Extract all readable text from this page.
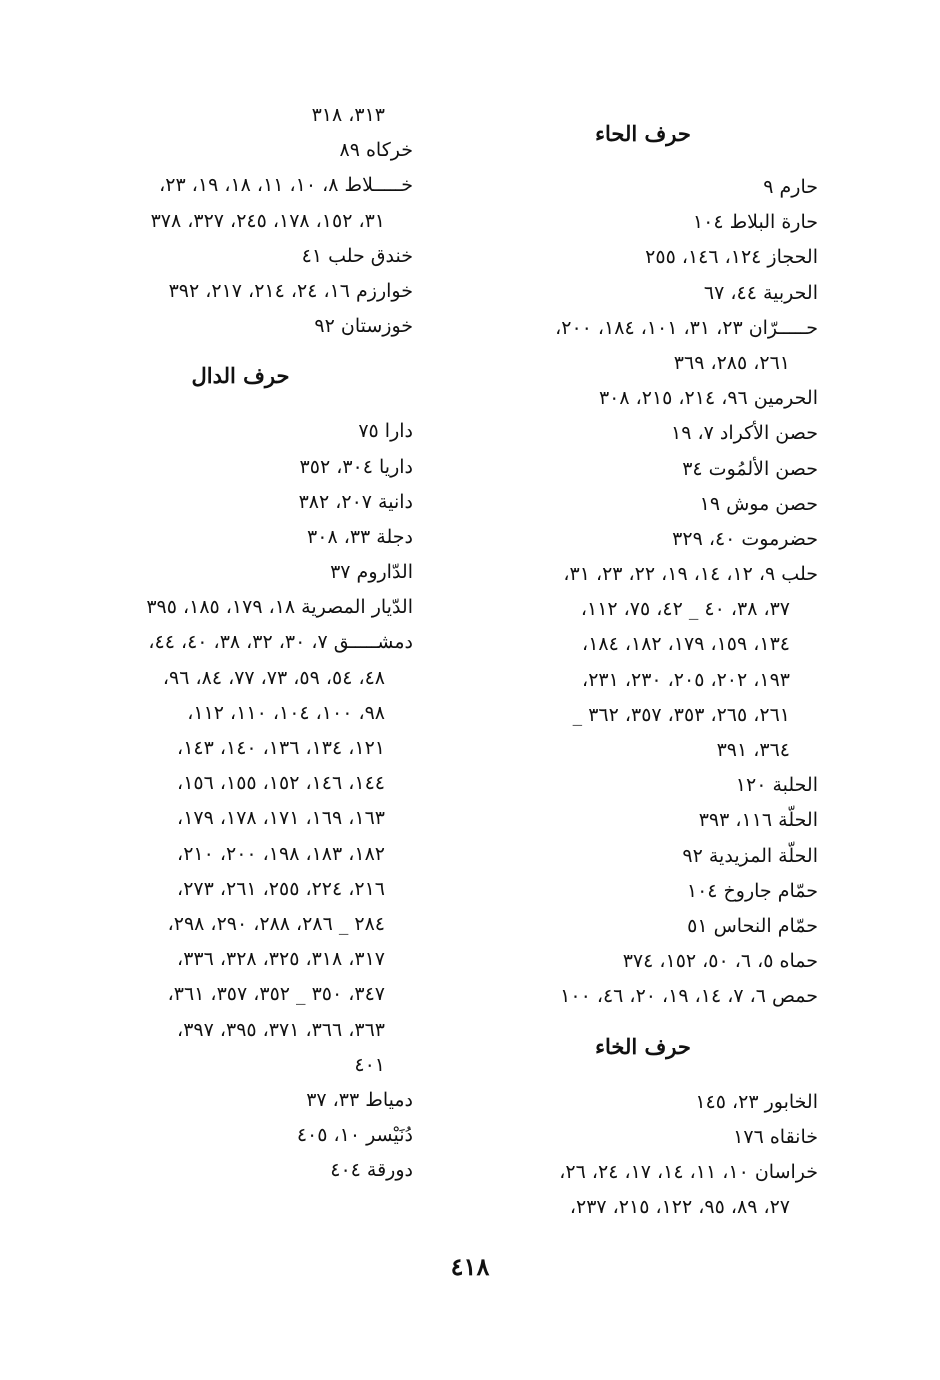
حرف الحاء
حارم ٩
حارة البلاط ١٠٤
الحجاز ١٢٤، ١٤٦، ٢٥٥
الحربية ٤٤، ٦٧
حـــــرّان ٢٣، ٣١، ١٠١، ١٨٤، ٢٠٠،
٢٦١، ٢٨٥، ٣٦٩
الحرمين ٩٦، ٢١٤، ٢١٥، ٣٠٨
حصن الأكراد ٧، ١٩
حصن الألمُوت ٣٤
حصن موش ١٩
حضرموت ٤٠، ٣٢٩
حلب ٩، ١٢، ١٤، ١٩، ٢٢، ٢٣، ٣١،
٣٧، ٣٨، ٤٠ _ ٤٢، ٧٥، ١١٢،
١٣٤، ١٥٩، ١٧٩، ١٨٢، ١٨٤،
١٩٣، ٢٠٢، ٢٠٥، ٢٣٠، ٢٣١،
٢٦١، ٢٦٥، ٣٥٣، ٣٥٧، ٣٦٢ _
٣٦٤، ٣٩١
الحلبة ١٢٠
الحلّة ١١٦، ٣٩٣
الحلّة المزيدية ٩٢
حمّام جاروخ ١٠٤
حمّام النحاس ٥١
حماه ٥، ٦، ٥٠، ١٥٢، ٣٧٤
حمص ٦، ٧، ١٤، ١٩، ٢٠، ٤٦، ١٠٠
حرف الخاء
الخابور ٢٣، ١٤٥
خانقاه ١٧٦
خراسان ١٠، ١١، ١٤، ١٧، ٢٤، ٢٦،
٢٧، ٨٩، ٩٥، ١٢٢، ٢١٥، ٢٣٧،
٣١٣، ٣١٨
خركاه ٨٩
خـــــلاط ٨، ١٠، ١١، ١٨، ١٩، ٢٣،
٣١، ١٥٢، ١٧٨، ٢٤٥، ٣٢٧، ٣٧٨
خندق حلب ٤١
خوارزم ١٦، ٢٤، ٢١٤، ٢١٧، ٣٩٢
خوزستان ٩٢
حرف الدال
دارا ٧٥
داريا ٣٠٤، ٣٥٢
دانية ٢٠٧، ٣٨٢
دجلة ٣٣، ٣٠٨
الدّاروم ٣٧
الدّيار المصرية ١٨، ١٧٩، ١٨٥، ٣٩٥
دمشـــــق ٧، ٣٠، ٣٢، ٣٨، ٤٠، ٤٤،
٤٨، ٥٤، ٥٩، ٧٣، ٧٧، ٨٤، ٩٦،
٩٨، ١٠٠، ١٠٤، ١١٠، ١١٢،
١٢١، ١٣٤، ١٣٦، ١٤٠، ١٤٣،
١٤٤، ١٤٦، ١٥٢، ١٥٥، ١٥٦،
١٦٣، ١٦٩، ١٧١، ١٧٨، ١٧٩،
١٨٢، ١٨٣، ١٩٨، ٢٠٠، ٢١٠،
٢١٦، ٢٢٤، ٢٥٥، ٢٦١، ٢٧٣،
٢٨٤ _ ٢٨٦، ٢٨٨، ٢٩٠، ٢٩٨،
٣١٧، ٣١٨، ٣٢٥، ٣٢٨، ٣٣٦،
٣٤٧، ٣٥٠ _ ٣٥٢، ٣٥٧، ٣٦١،
٣٦٣، ٣٦٦، ٣٧١، ٣٩٥، ٣٩٧،
٤٠١
دمياط ٣٣، ٣٧
دُنَيْسر ١٠، ٤٠٥
دورقة ٤٠٤
٤١٨
